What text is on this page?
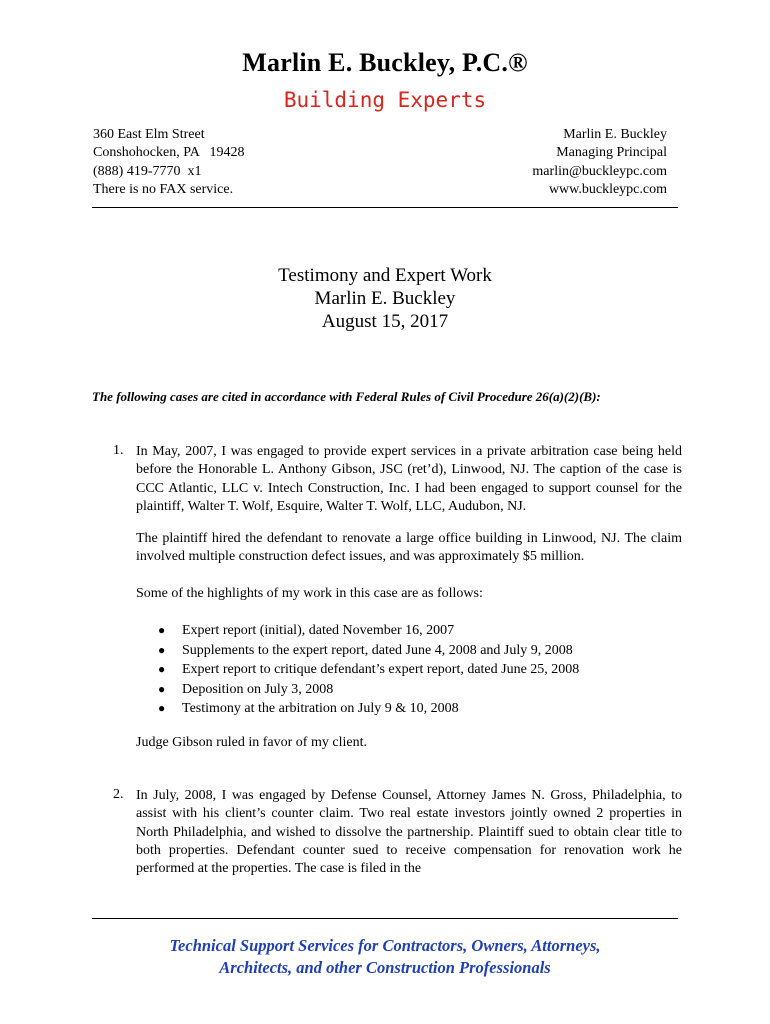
Marlin E. Buckley, P.C.®
Building Experts
360 East Elm Street
Conshohocken, PA   19428
(888) 419-7770  x1
There is no FAX service.
Marlin E. Buckley
Managing Principal
marlin@buckleypc.com
www.buckleypc.com
Testimony and Expert Work
Marlin E. Buckley
August 15, 2017
The following cases are cited in accordance with Federal Rules of Civil Procedure 26(a)(2)(B):
1. In May, 2007, I was engaged to provide expert services in a private arbitration case being held before the Honorable L. Anthony Gibson, JSC (ret’d), Linwood, NJ. The caption of the case is CCC Atlantic, LLC v. Intech Construction, Inc. I had been engaged to support counsel for the plaintiff, Walter T. Wolf, Esquire, Walter T. Wolf, LLC, Audubon, NJ.
The plaintiff hired the defendant to renovate a large office building in Linwood, NJ. The claim involved multiple construction defect issues, and was approximately $5 million.
Some of the highlights of my work in this case are as follows:
● Expert report (initial), dated November 16, 2007
● Supplements to the expert report, dated June 4, 2008 and July 9, 2008
● Expert report to critique defendant’s expert report, dated June 25, 2008
● Deposition on July 3, 2008
● Testimony at the arbitration on July 9 & 10, 2008
Judge Gibson ruled in favor of my client.
2. In July, 2008, I was engaged by Defense Counsel, Attorney James N. Gross, Philadelphia, to assist with his client’s counter claim. Two real estate investors jointly owned 2 properties in North Philadelphia, and wished to dissolve the partnership. Plaintiff sued to obtain clear title to both properties. Defendant counter sued to receive compensation for renovation work he performed at the properties. The case is filed in the
Technical Support Services for Contractors, Owners, Attorneys,
Architects, and other Construction Professionals
